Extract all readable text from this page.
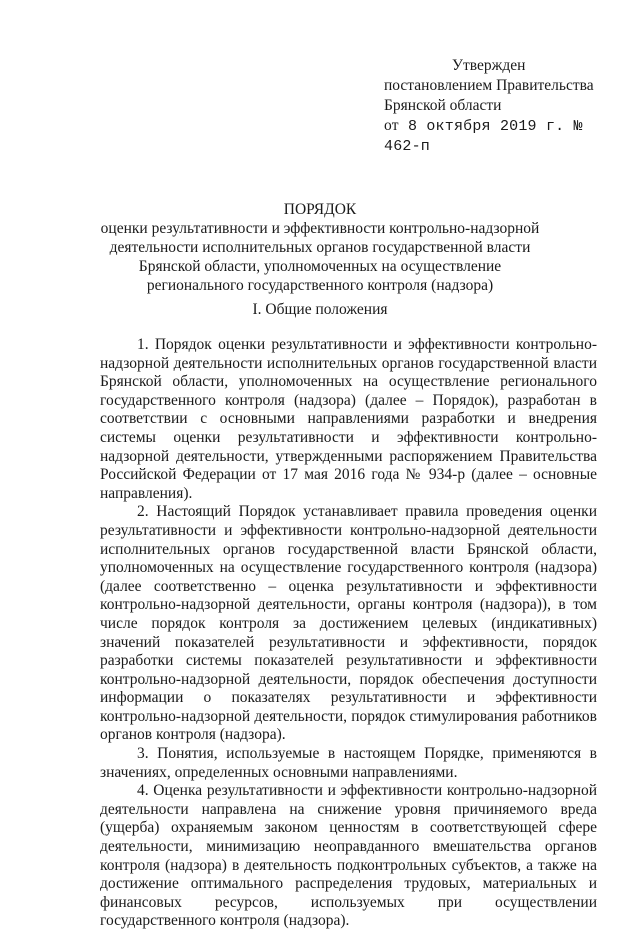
Утвержден
постановлением Правительства
Брянской области
от 8 октября 2019 г. № 462-п
ПОРЯДОК
оценки результативности и эффективности контрольно-надзорной деятельности исполнительных органов государственной власти Брянской области, уполномоченных на осуществление регионального государственного контроля (надзора)
I. Общие положения

1. Порядок оценки результативности и эффективности контрольно-надзорной деятельности исполнительных органов государственной власти Брянской области, уполномоченных на осуществление регионального государственного контроля (надзора) (далее – Порядок), разработан в соответствии с основными направлениями разработки и внедрения системы оценки результативности и эффективности контрольно-надзорной деятельности, утвержденными распоряжением Правительства Российской Федерации от 17 мая 2016 года № 934-р (далее – основные направления).

2. Настоящий Порядок устанавливает правила проведения оценки результативности и эффективности контрольно-надзорной деятельности исполнительных органов государственной власти Брянской области, уполномоченных на осуществление государственного контроля (надзора) (далее соответственно – оценка результативности и эффективности контрольно-надзорной деятельности, органы контроля (надзора)), в том числе порядок контроля за достижением целевых (индикативных) значений показателей результативности и эффективности, порядок разработки системы показателей результативности и эффективности контрольно-надзорной деятельности, порядок обеспечения доступности информации о показателях результативности и эффективности контрольно-надзорной деятельности, порядок стимулирования работников органов контроля (надзора).

3. Понятия, используемые в настоящем Порядке, применяются в значениях, определенных основными направлениями.

4. Оценка результативности и эффективности контрольно-надзорной деятельности направлена на снижение уровня причиняемого вреда (ущерба) охраняемым законом ценностям в соответствующей сфере деятельности, минимизацию неоправданного вмешательства органов контроля (надзора) в деятельность подконтрольных субъектов, а также на достижение оптимального распределения трудовых, материальных и финансовых ресурсов, используемых при осуществлении государственного контроля (надзора).
